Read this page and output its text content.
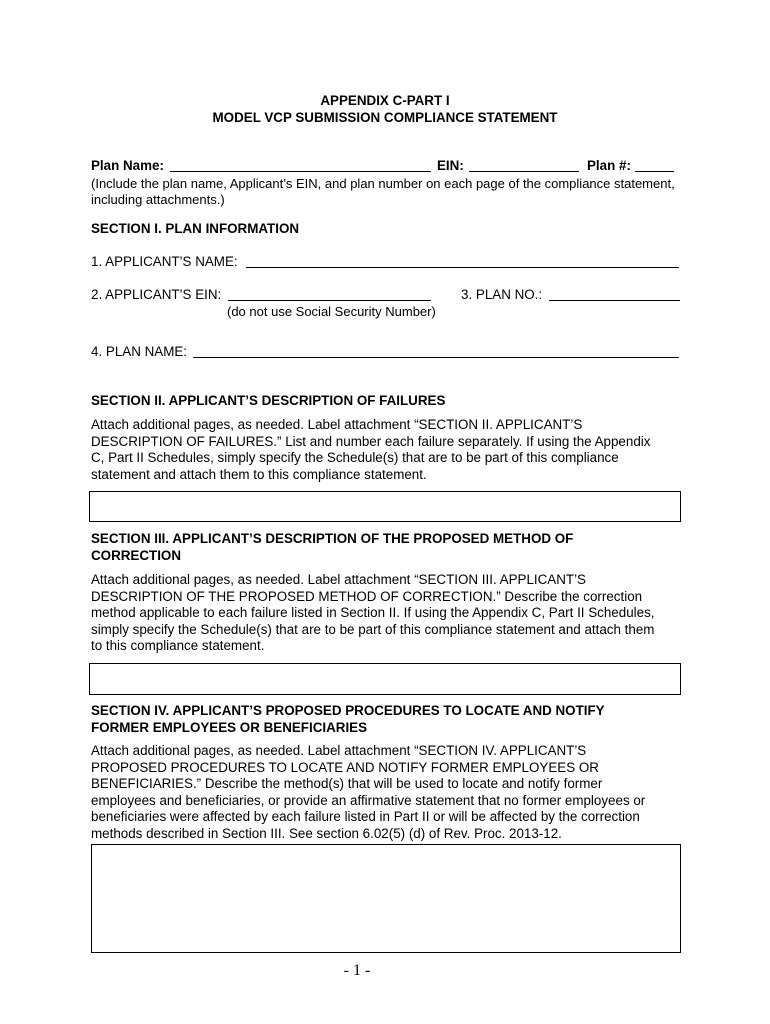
APPENDIX C-PART I
MODEL VCP SUBMISSION COMPLIANCE STATEMENT
Plan Name:	EIN:	Plan #:
(Include the plan name, Applicant’s EIN, and plan number on each page of the compliance statement,
including attachments.)
SECTION I. PLAN INFORMATION
1. APPLICANT’S NAME:
2. APPLICANT’S EIN:	3. PLAN NO.:
(do not use Social Security Number)
4. PLAN NAME:
SECTION II. APPLICANT’S DESCRIPTION OF FAILURES
Attach additional pages, as needed. Label attachment “SECTION II. APPLICANT’S
DESCRIPTION OF FAILURES.” List and number each failure separately. If using the Appendix
C, Part II Schedules, simply specify the Schedule(s) that are to be part of this compliance
statement and attach them to this compliance statement.
SECTION III. APPLICANT’S DESCRIPTION OF THE PROPOSED METHOD OF
CORRECTION
Attach additional pages, as needed. Label attachment “SECTION III. APPLICANT’S
DESCRIPTION OF THE PROPOSED METHOD OF CORRECTION.” Describe the correction
method applicable to each failure listed in Section II. If using the Appendix C, Part II Schedules,
simply specify the Schedule(s) that are to be part of this compliance statement and attach them
to this compliance statement.
SECTION IV. APPLICANT’S PROPOSED PROCEDURES TO LOCATE AND NOTIFY
FORMER EMPLOYEES OR BENEFICIARIES
Attach additional pages, as needed. Label attachment “SECTION IV. APPLICANT’S
PROPOSED PROCEDURES TO LOCATE AND NOTIFY FORMER EMPLOYEES OR
BENEFICIARIES.” Describe the method(s) that will be used to locate and notify former
employees and beneficiaries, or provide an affirmative statement that no former employees or
beneficiaries were affected by each failure listed in Part II or will be affected by the correction
methods described in Section III. See section 6.02(5) (d) of Rev. Proc. 2013-12.
- 1 -
